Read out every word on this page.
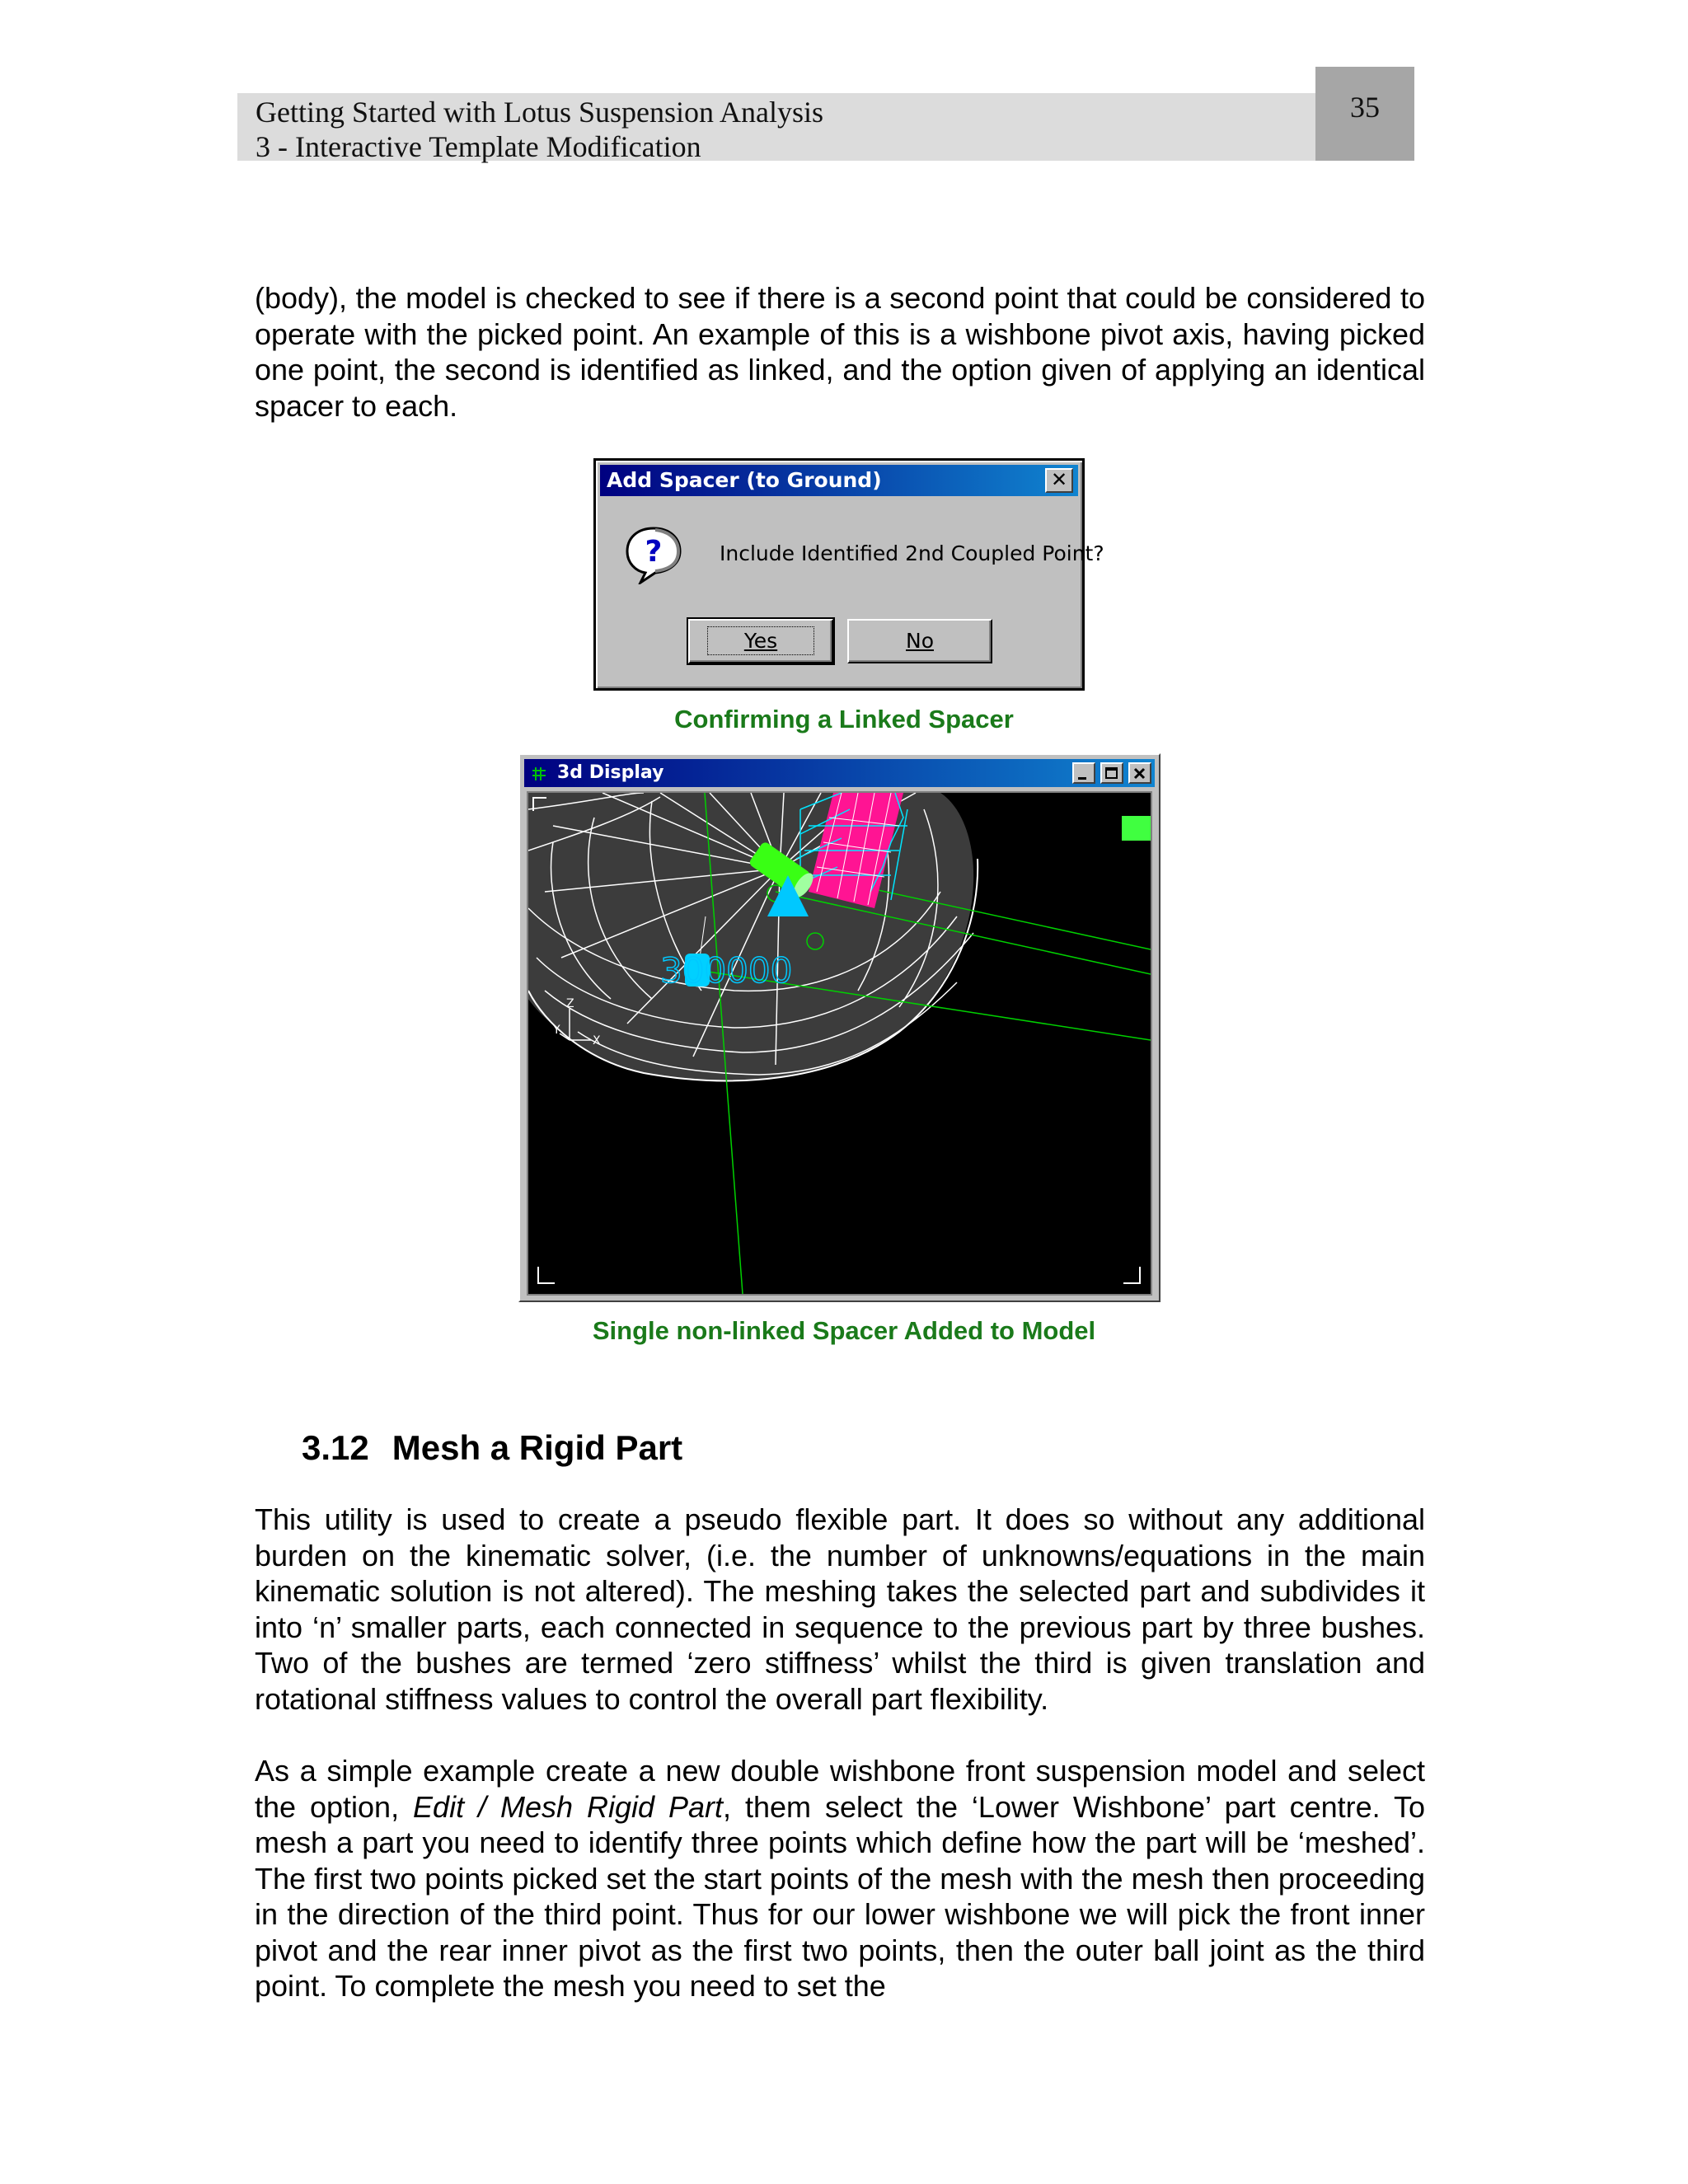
Getting Started with Lotus Suspension Analysis
3 - Interactive Template Modification
35
(body), the model is checked to see if there is a second point that could be considered to operate with the picked point. An example of this is a wishbone pivot axis, having picked one point, the second is identified as linked, and the option given of applying an identical spacer to each.
Add Spacer (to Ground)	✕
?	Include Identified 2nd Coupled Point?
Yes	No
Confirming a Linked Spacer
3d Display
300000
Y
Z
X
Single non-linked Spacer Added to Model
3.12 Mesh a Rigid Part
This utility is used to create a pseudo flexible part. It does so without any additional burden on the kinematic solver, (i.e. the number of unknowns/equations in the main kinematic solution is not altered). The meshing takes the selected part and subdivides it into ‘n’ smaller parts, each connected in sequence to the previous part by three bushes. Two of the bushes are termed ‘zero stiffness’ whilst the third is given translation and rotational stiffness values to control the overall part flexibility.
As a simple example create a new double wishbone front suspension model and select the option, Edit / Mesh Rigid Part, them select the ‘Lower Wishbone’ part centre. To mesh a part you need to identify three points which define how the part will be ‘meshed’. The first two points picked set the start points of the mesh with the mesh then proceeding in the direction of the third point. Thus for our lower wishbone we will pick the front inner pivot and the rear inner pivot as the first two points, then the outer ball joint as the third point. To complete the mesh you need to set the
